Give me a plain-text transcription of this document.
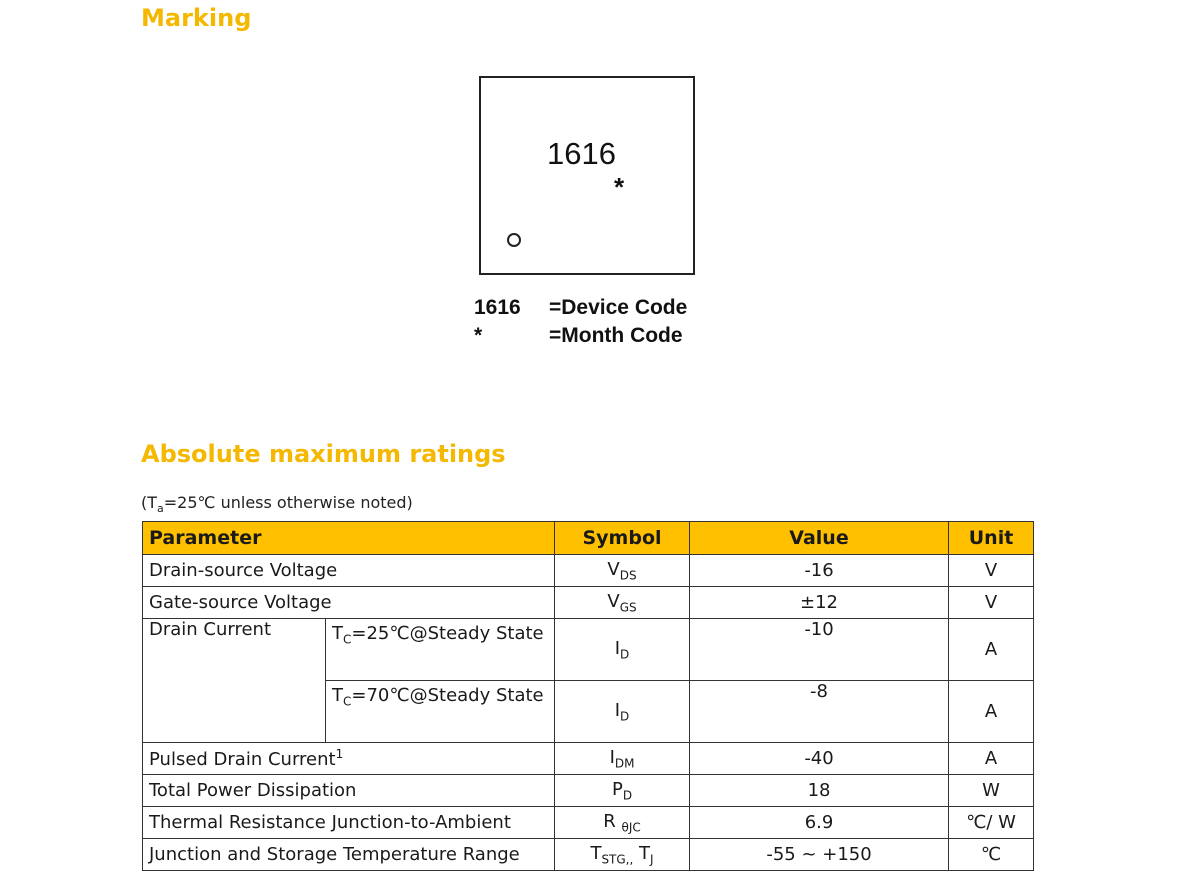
Marking
1616
*
1616 =Device Code
*	=Month Code
Absolute maximum ratings
($T_a=25℃$ unless otherwise noted)
Parameter		Symbol	Value	Unit
Drain-source Voltage		$V_{DS}$	-16	V
Gate-source Voltage		$V_{GS}$	±12	V
Drain Current	$T_C=25℃@Steady$ State	$I_D$	-10	A
	$T_C=70℃@Steady$ State	$I_D$	-8	A
Pulsed Drain Current$^1$		$I_{DM}$	-40	A
Total Power Dissipation		$P_D$	18	W
Thermal Resistance Junction-to-Ambient		R $_{\theta JC}$	6.9	℃/ W
Junction and Storage Temperature Range		$T_{STG,,}$ $T_J$	-55 ~ +150	℃
